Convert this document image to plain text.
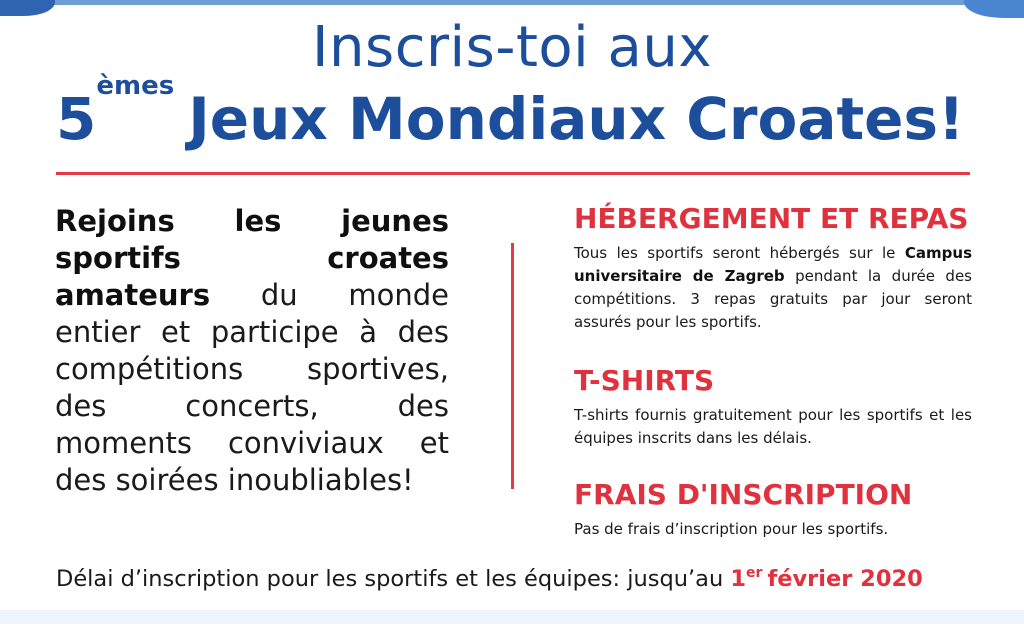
Inscris-toi aux
5èmes Jeux Mondiaux Croates!
Rejoins les jeunes sportifs croates amateurs du monde entier et participe à des compétitions sportives, des concerts, des moments conviviaux et des soirées inoubliables!
HÉBERGEMENT ET REPAS
Tous les sportifs seront hébergés sur le Campus universitaire de Zagreb pendant la durée des compétitions. 3 repas gratuits par jour seront assurés pour les sportifs.
T-SHIRTS
T-shirts fournis gratuitement pour les sportifs et les équipes inscrits dans les délais.
FRAIS D'INSCRIPTION
Pas de frais d’inscription pour les sportifs.
Délai d’inscription pour les sportifs et les équipes: jusqu’au 1er février 2020
